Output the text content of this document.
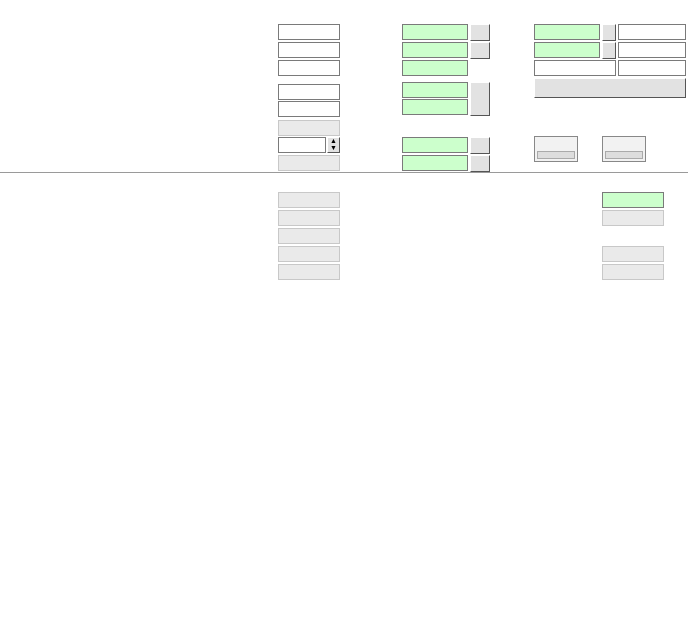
▲
▼
